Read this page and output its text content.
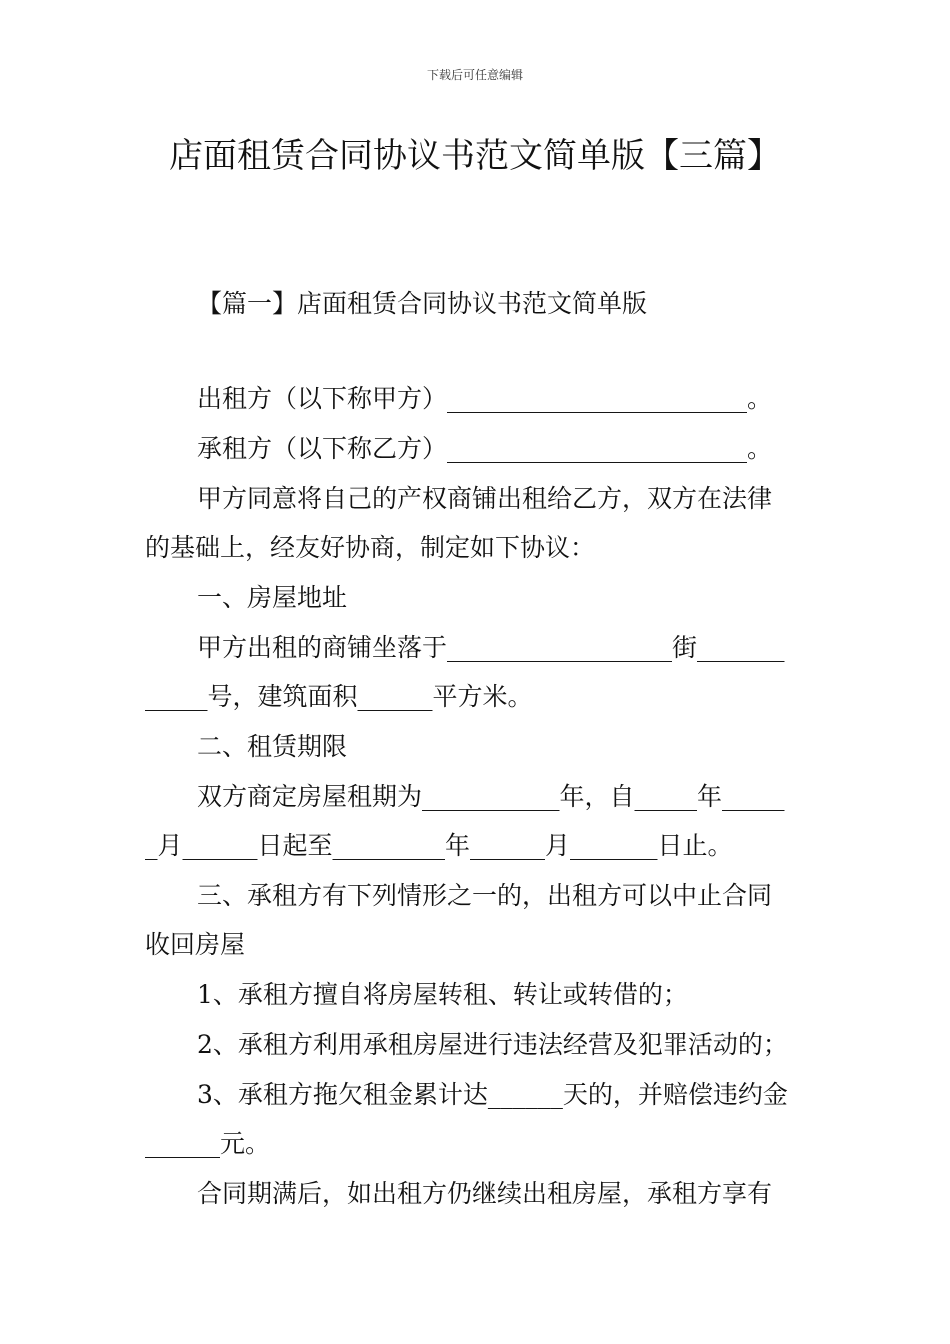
下载后可任意编辑
店面租赁合同协议书范文简单版【三篇】
【篇一】店面租赁合同协议书范文简单版
出租方（以下称甲方）________________________。
承租方（以下称乙方）________________________。
甲方同意将自己的产权商铺出租给乙方，双方在法律
的基础上，经友好协商，制定如下协议：
一、房屋地址
甲方出租的商铺坐落于__________________街_______
_____号，建筑面积______平方米。
二、租赁期限
双方商定房屋租期为___________年，自_____年_____
_月______日起至_________年______月_______日止。
三、承租方有下列情形之一的，出租方可以中止合同
收回房屋
1、承租方擅自将房屋转租、转让或转借的；
2、承租方利用承租房屋进行违法经营及犯罪活动的；
3、承租方拖欠租金累计达______天的，并赔偿违约金
______元。
合同期满后，如出租方仍继续出租房屋，承租方享有
